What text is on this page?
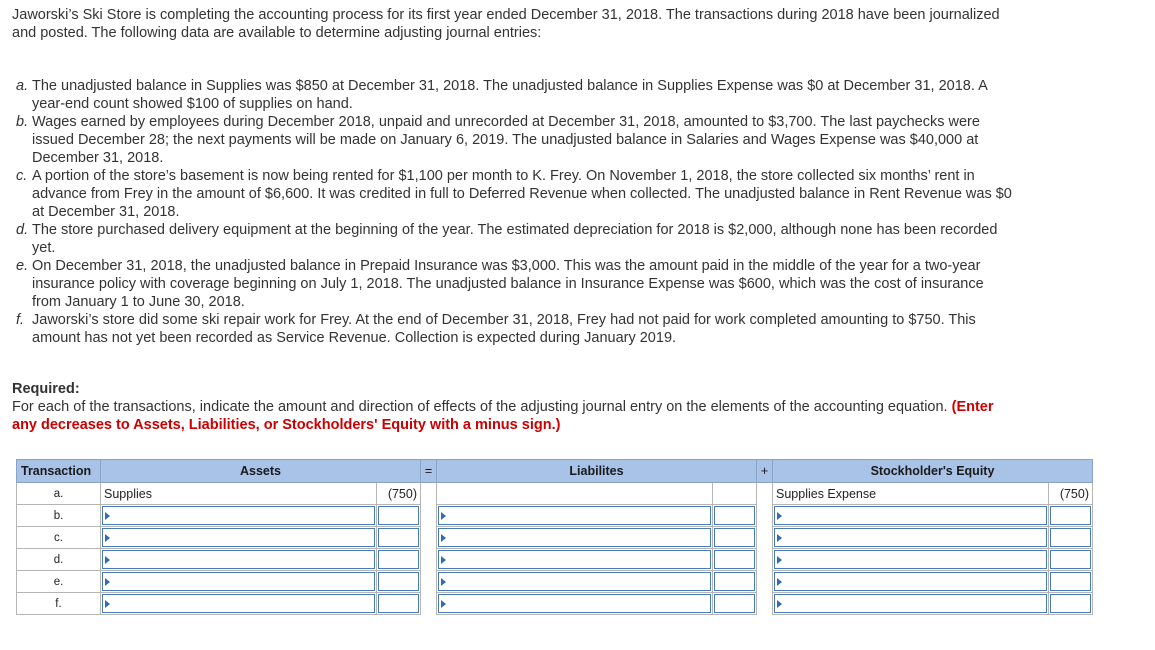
Jaworski’s Ski Store is completing the accounting process for its first year ended December 31, 2018. The transactions during 2018 have been journalized and posted. The following data are available to determine adjusting journal entries:
a. The unadjusted balance in Supplies was $850 at December 31, 2018. The unadjusted balance in Supplies Expense was $0 at December 31, 2018. A year-end count showed $100 of supplies on hand.
b. Wages earned by employees during December 2018, unpaid and unrecorded at December 31, 2018, amounted to $3,700. The last paychecks were issued December 28; the next payments will be made on January 6, 2019. The unadjusted balance in Salaries and Wages Expense was $40,000 at December 31, 2018.
c. A portion of the store’s basement is now being rented for $1,100 per month to K. Frey. On November 1, 2018, the store collected six months’ rent in advance from Frey in the amount of $6,600. It was credited in full to Deferred Revenue when collected. The unadjusted balance in Rent Revenue was $0 at December 31, 2018.
d. The store purchased delivery equipment at the beginning of the year. The estimated depreciation for 2018 is $2,000, although none has been recorded yet.
e. On December 31, 2018, the unadjusted balance in Prepaid Insurance was $3,000. This was the amount paid in the middle of the year for a two-year insurance policy with coverage beginning on July 1, 2018. The unadjusted balance in Insurance Expense was $600, which was the cost of insurance from January 1 to June 30, 2018.
f. Jaworski’s store did some ski repair work for Frey. At the end of December 31, 2018, Frey had not paid for work completed amounting to $750. This amount has not yet been recorded as Service Revenue. Collection is expected during January 2019.
Required:
For each of the transactions, indicate the amount and direction of effects of the adjusting journal entry on the elements of the accounting equation. (Enter any decreases to Assets, Liabilities, or Stockholders' Equity with a minus sign.)
Transaction	Assets		=	Liabilites		+	Stockholder's Equity	
a.	Supplies	(750)					Supplies Expense	(750)
b.	

c.	

d.	

e.	

f.	
